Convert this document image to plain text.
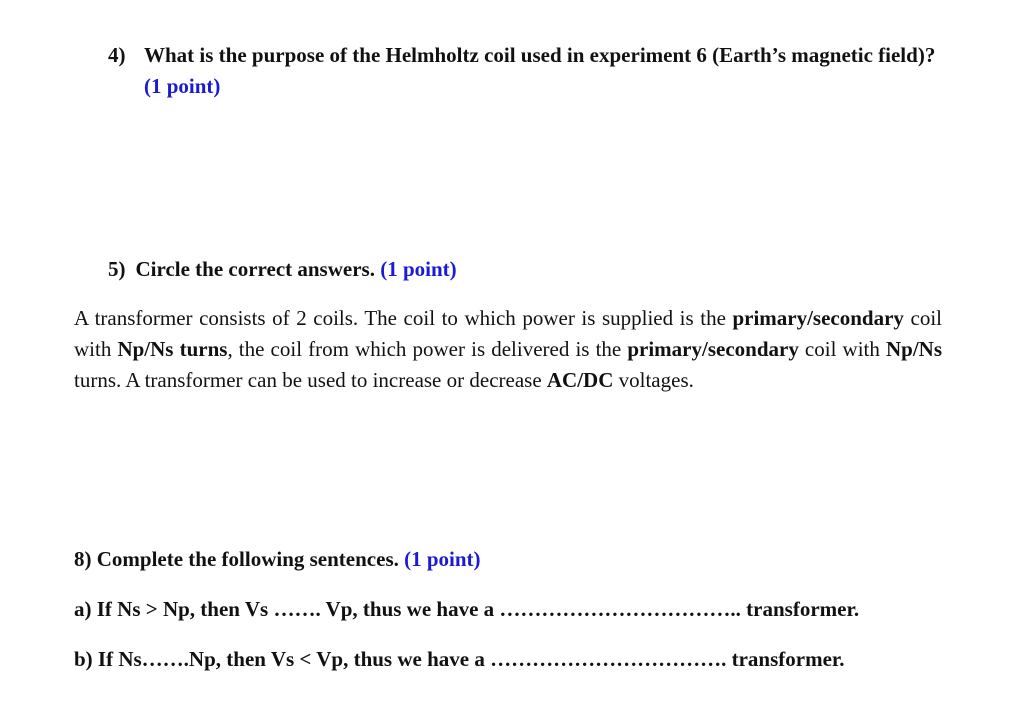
4) What is the purpose of the Helmholtz coil used in experiment 6 (Earth’s magnetic field)? (1 point)
5) Circle the correct answers. (1 point)
A transformer consists of 2 coils. The coil to which power is supplied is the primary/secondary coil with Np/Ns turns, the coil from which power is delivered is the primary/secondary coil with Np/Ns turns. A transformer can be used to increase or decrease AC/DC voltages.
8) Complete the following sentences. (1 point)
a) If Ns > Np, then Vs ……. Vp, thus we have a …………………………….. transformer.
b) If Ns…….Np, then Vs < Vp, thus we have a ……………………………. transformer.
